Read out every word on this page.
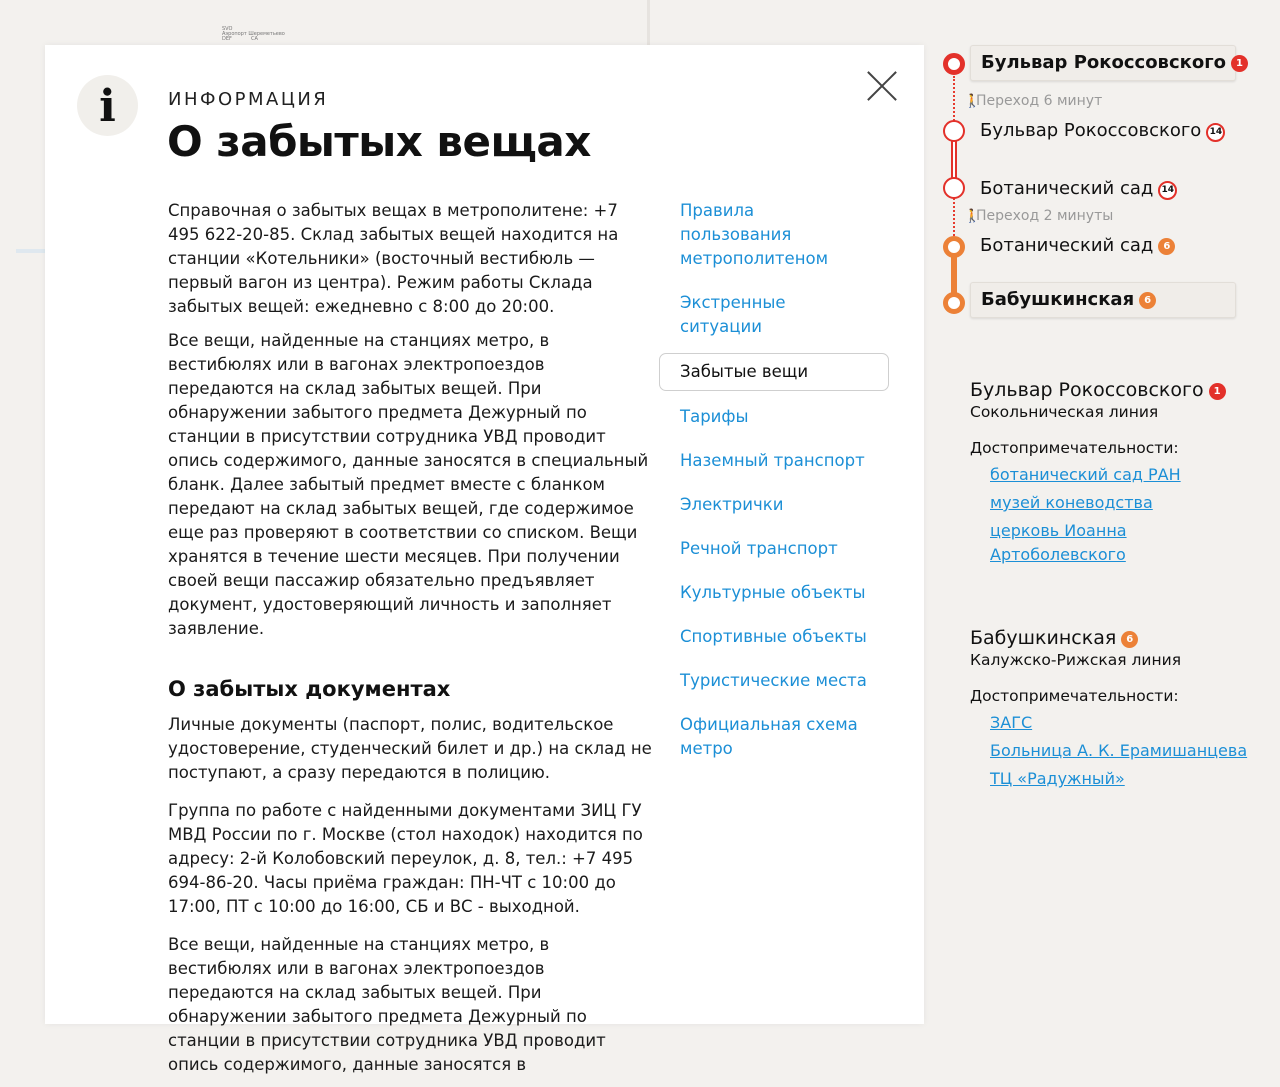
SVO
Аэропорт Шереметьево
DEF            CA
i	ИНФОРМАЦИЯ
О забытых вещах

Справочная о забытых вещах в метрополитене: +7 495 622-20-85. Склад забытых вещей находится на станции «Котельники» (восточный вестибюль — первый вагон из центра). Режим работы Склада забытых вещей: ежедневно с 8:00 до 20:00.

Все вещи, найденные на станциях метро, в вестибюлях или в вагонах электропоездов передаются на склад забытых вещей. При обнаружении забытого предмета Дежурный по станции в присутствии сотрудника УВД проводит опись содержимого, данные заносятся в специальный бланк. Далее забытый предмет вместе с бланком передают на склад забытых вещей, где содержимое еще раз проверяют в соответствии со списком. Вещи хранятся в течение шести месяцев. При получении своей вещи пассажир обязательно предъявляет документ, удостоверяющий личность и заполняет заявление.

О забытых документах

Личные документы (паспорт, полис, водительское удостоверение, студенческий билет и др.) на склад не поступают, а сразу передаются в полицию.

Группа по работе с найденными документами ЗИЦ ГУ МВД России по г. Москве (стол находок) находится по адресу: 2-й Колобовский переулок, д. 8, тел.: +7 495 694-86-20. Часы приёма граждан: ПН-ЧТ с 10:00 до 17:00, ПТ с 10:00 до 16:00, СБ и ВС - выходной.

Все вещи, найденные на станциях метро, в вестибюлях или в вагонах электропоездов передаются на склад забытых вещей. При обнаружении забытого предмета Дежурный по станции в присутствии сотрудника УВД проводит опись содержимого, данные заносятся в

Правила пользования метрополитеном
Экстренные ситуации
Забытые вещи
Тарифы
Наземный транспорт
Электрички
Речной транспорт
Культурные объекты
Спортивные объекты
Туристические места
Официальная схема метро
Бульвар Рокоссовского 1
🚶Переход 6 минут
Бульвар Рокоссовского 14
Ботанический сад 14
🚶Переход 2 минуты
Ботанический сад 6
Бабушкинская 6
Бульвар Рокоссовского 1
Сокольническая линия
Достопримечательности:
ботанический сад РАН
музей коневодства
церковь Иоанна Артоболевского
Бабушкинская 6
Калужско-Рижская линия
Достопримечательности:
ЗАГС
Больница А. К. Ерамишанцева
ТЦ «Радужный»
